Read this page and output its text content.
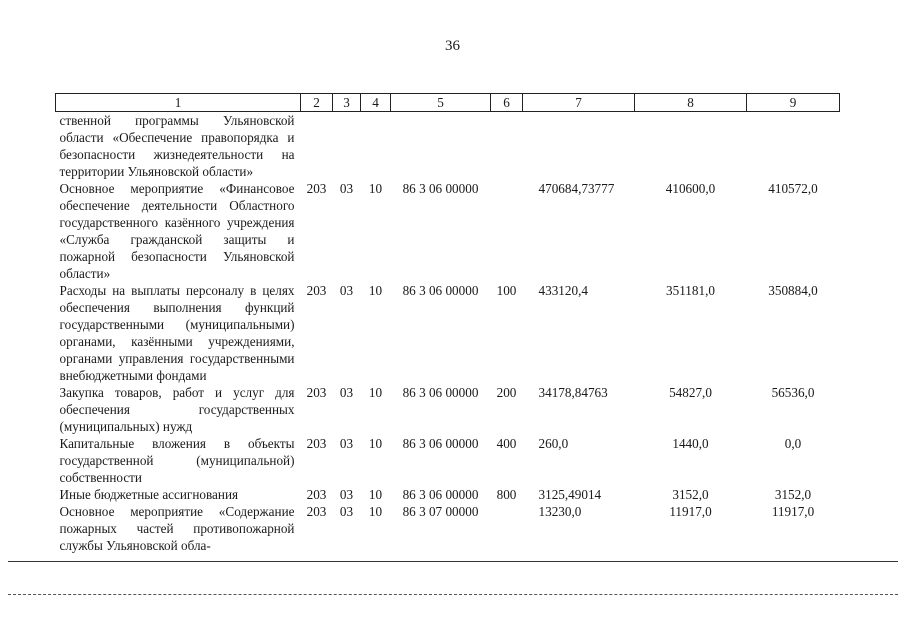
36
1	2	3	4	5	6	7	8	9
ственной программы Ульяновской области «Обеспечение правопорядка и безопасности жизнедеятельности на территории Ульяновской области»								
Основное мероприятие «Финансовое обеспечение деятельности Областного государственного казённого учреждения «Служба гражданской защиты и пожарной безопасности Ульяновской области»	203	03	10	86 3 06 00000		470684,73777	410600,0	410572,0
Расходы на выплаты персоналу в целях обеспечения выполнения функций государственными (муниципальными) органами, казёнными учреждениями, органами управления государственными внебюджетными фондами	203	03	10	86 3 06 00000	100	433120,4	351181,0	350884,0
Закупка товаров, работ и услуг для обеспечения государственных (муниципальных) нужд	203	03	10	86 3 06 00000	200	34178,84763	54827,0	56536,0
Капитальные вложения в объекты государственной (муниципальной) собственности	203	03	10	86 3 06 00000	400	260,0	1440,0	0,0
Иные бюджетные ассигнования	203	03	10	86 3 06 00000	800	3125,49014	3152,0	3152,0
Основное мероприятие «Содержание пожарных частей противопожарной службы Ульяновской обла-	203	03	10	86 3 07 00000		13230,0	11917,0	11917,0
